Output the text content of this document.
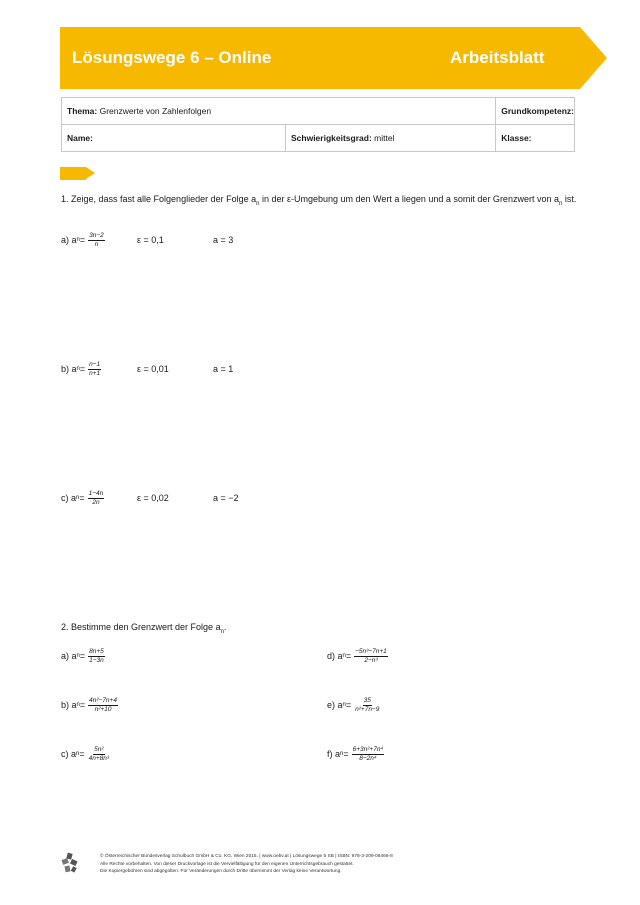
Lösungswege 6 – Online	Arbeitsblatt
Thema: Grenzwerte von Zahlenfolgen		Grundkompetenz:
Name:	Schwierigkeitsgrad: mittel	Klasse:
1. Zeige, dass fast alle Folgenglieder der Folge $a_n$ in der ε-Umgebung um den Wert a liegen und a somit der Grenzwert von $a_n$ ist.
a) a $n = \frac{3n-2}{n}$	ε = 0,1	a = 3
b) a $n = \frac{n-1}{n+1}$	ε = 0,01	a = 1
c) a $n = \frac{1-4n}{2n}$	ε = 0,02	a = −2
2. Bestimme den Grenzwert der Folge $a_n$.
a) a $n = \frac{8n+5}{1-3n}$
b) a $n = \frac{\text{4n²−7n+4}}{\text{n²+10}}$
c) a $n = \frac{\text{5n²}}{\text{4n+8n³}}$
d) a $n = \frac{\text{−5n³−7n+1}}{\text{2−n³}}$
e) a $n = \frac{35}{\text{n²+7n−9}}$
f) a $n = \frac{\text{6+3n²+7n⁴}}{\text{8−2n⁴}}$
© Österreichischer Bundesverlag Schulbuch GmbH & Co. KG, Wien 2015. | www.oebv.at | Lösungswege 5 SB | ISBN: 978-3-209-08466-8
Alle Rechte vorbehalten. Von dieser Druckvorlage ist die Vervielfältigung für den eigenen Unterrichtsgebrauch gestattet.
Die Kopiergebühren sind abgegolten. Für Veränderungen durch Dritte übernimmt der Verlag keine Verantwortung.
